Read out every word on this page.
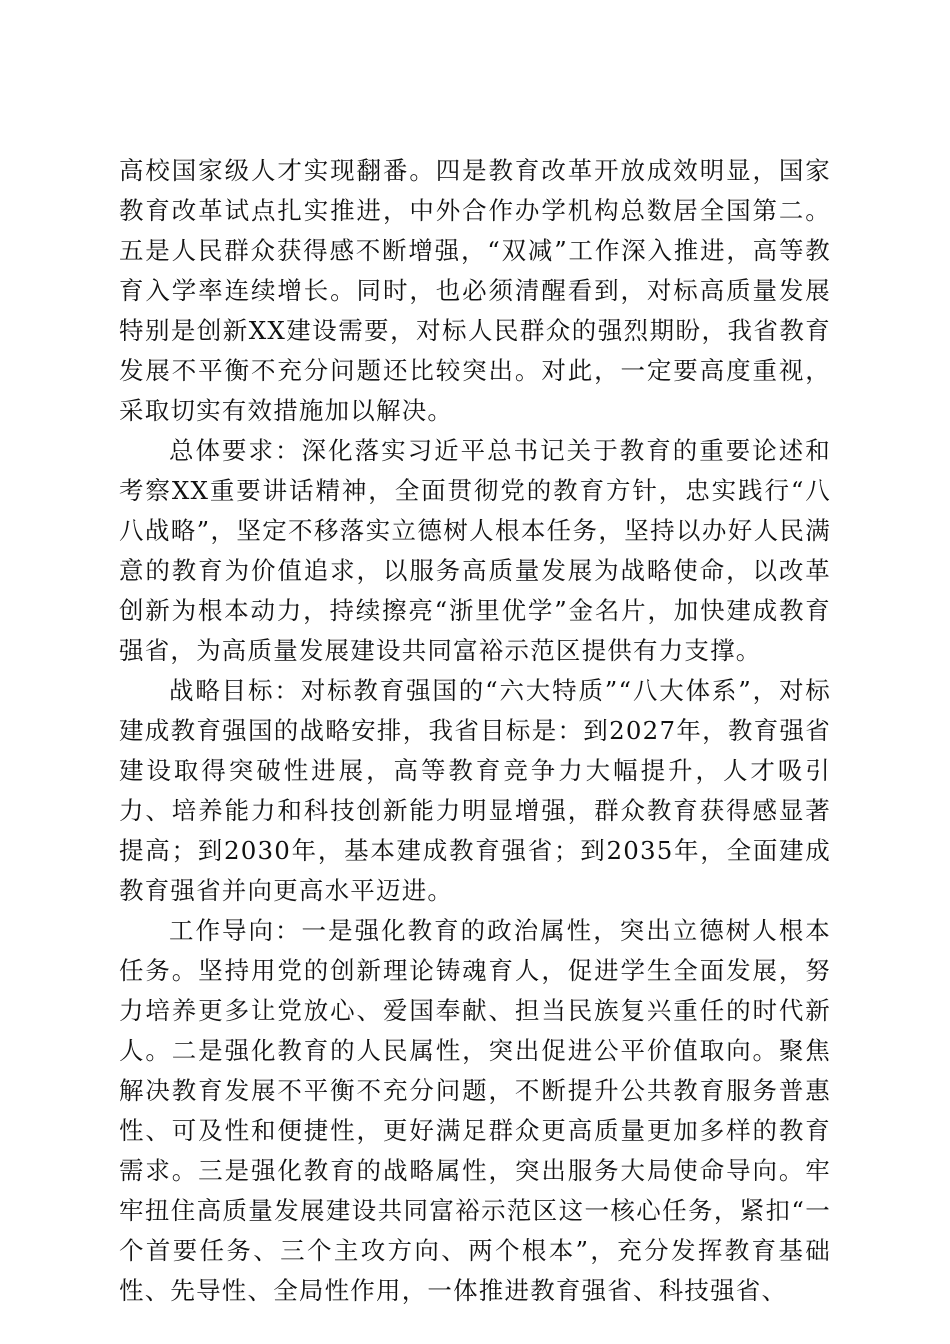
高校国家级人才实现翻番。四是教育改革开放成效明显，国家教育改革试点扎实推进，中外合作办学机构总数居全国第二。五是人民群众获得感不断增强，“双减”工作深入推进，高等教育入学率连续增长。同时，也必须清醒看到，对标高质量发展特别是创新XX建设需要，对标人民群众的强烈期盼，我省教育发展不平衡不充分问题还比较突出。对此，一定要高度重视，采取切实有效措施加以解决。

总体要求：深化落实习近平总书记关于教育的重要论述和考察XX重要讲话精神，全面贯彻党的教育方针，忠实践行“八八战略”，坚定不移落实立德树人根本任务，坚持以办好人民满意的教育为价值追求，以服务高质量发展为战略使命，以改革创新为根本动力，持续擦亮“浙里优学”金名片，加快建成教育强省，为高质量发展建设共同富裕示范区提供有力支撑。

战略目标：对标教育强国的“六大特质”“八大体系”，对标建成教育强国的战略安排，我省目标是：到2027年，教育强省建设取得突破性进展，高等教育竞争力大幅提升，人才吸引力、培养能力和科技创新能力明显增强，群众教育获得感显著提高；到2030年，基本建成教育强省；到2035年，全面建成教育强省并向更高水平迈进。

工作导向：一是强化教育的政治属性，突出立德树人根本任务。坚持用党的创新理论铸魂育人，促进学生全面发展，努力培养更多让党放心、爱国奉献、担当民族复兴重任的时代新人。二是强化教育的人民属性，突出促进公平价值取向。聚焦解决教育发展不平衡不充分问题，不断提升公共教育服务普惠性、可及性和便捷性，更好满足群众更高质量更加多样的教育需求。三是强化教育的战略属性，突出服务大局使命导向。牢牢扭住高质量发展建设共同富裕示范区这一核心任务，紧扣“一个首要任务、三个主攻方向、两个根本”，充分发挥教育基础性、先导性、全局性作用，一体推进教育强省、科技强省、
